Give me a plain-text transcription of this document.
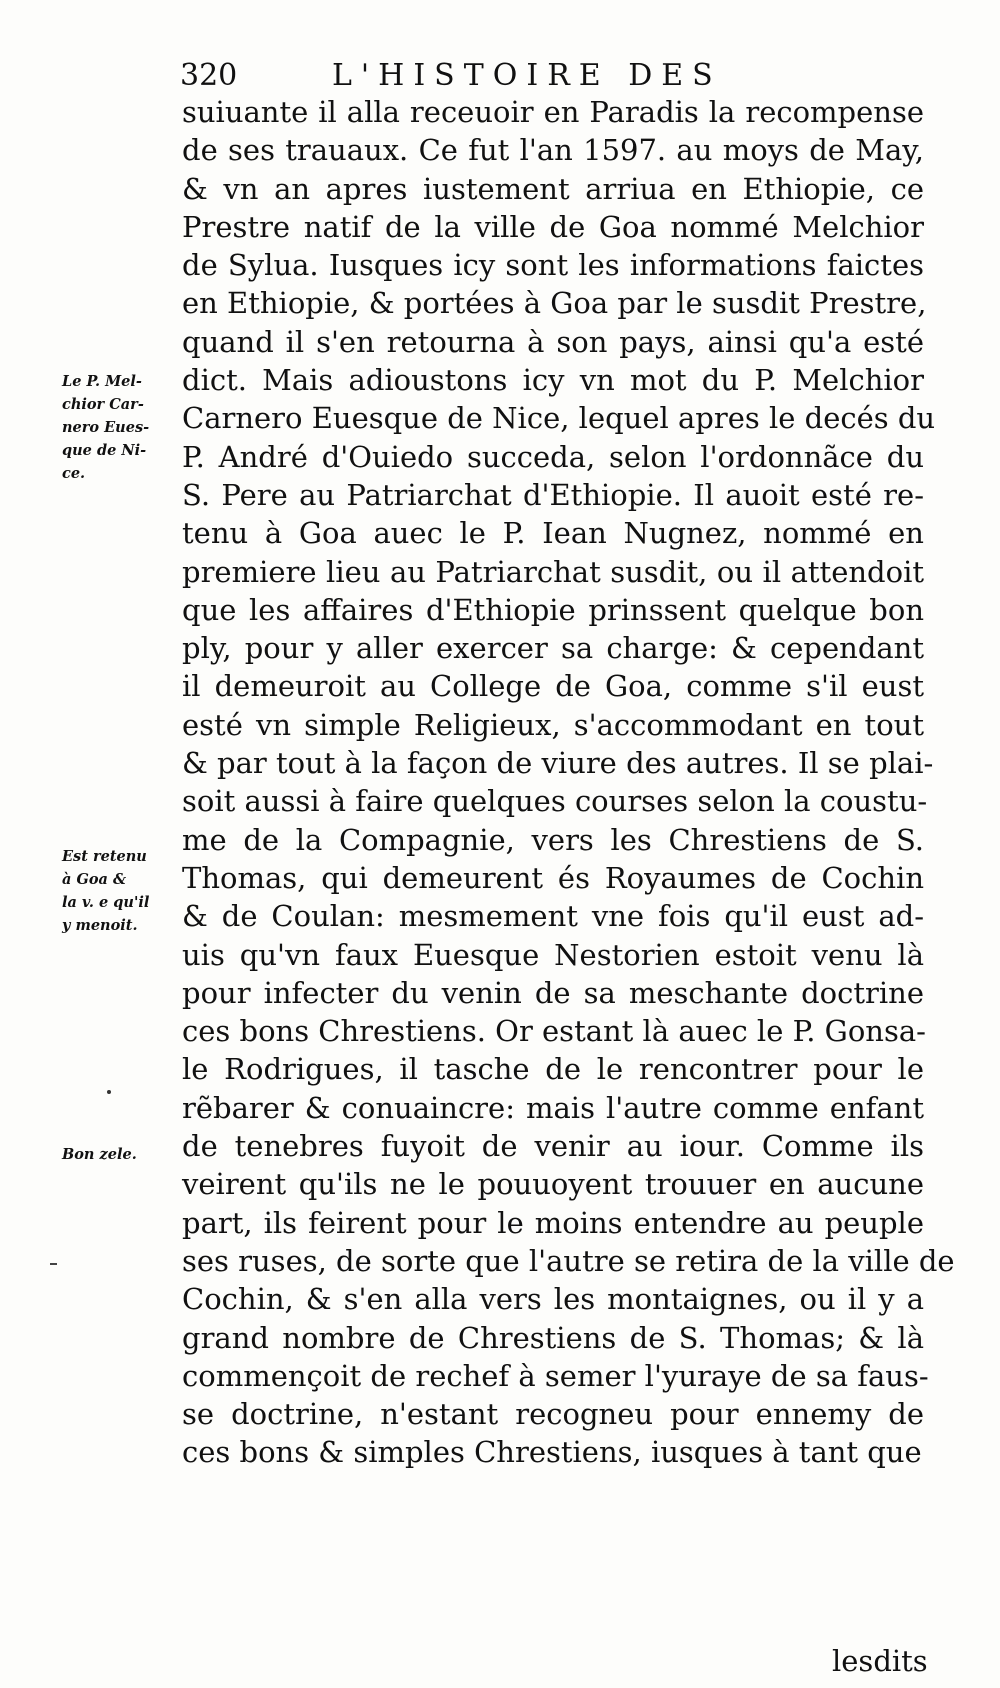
320	L'HISTOIRE DES
Le P. Mel-
chior Car-
nero Eues-
que de Ni-
ce.
Est retenu
à Goa &
la v. e qu'il
y menoit.
Bon zele.
suiuante il alla receuoir en Paradis la recompense
de ses trauaux. Ce fut l'an 1597. au moys de May,
& vn an apres iustement arriua en Ethiopie, ce
Prestre natif de la ville de Goa nommé Melchior
de Sylua. Iusques icy sont les informations faictes
en Ethiopie, & portées à Goa par le susdit Prestre,
quand il s'en retourna à son pays, ainsi qu'a esté
dict. Mais adioustons icy vn mot du P. Melchior
Carnero Euesque de Nice, lequel apres le decés du
P. André d'Ouiedo succeda, selon l'ordonnãce du
S. Pere au Patriarchat d'Ethiopie. Il auoit esté re-
tenu à Goa auec le P. Iean Nugnez, nommé en
premiere lieu au Patriarchat susdit, ou il attendoit
que les affaires d'Ethiopie prinssent quelque bon
ply, pour y aller exercer sa charge: & cependant
il demeuroit au College de Goa, comme s'il eust
esté vn simple Religieux, s'accommodant en tout
& par tout à la façon de viure des autres. Il se plai-
soit aussi à faire quelques courses selon la coustu-
me de la Compagnie, vers les Chrestiens de S.
Thomas, qui demeurent és Royaumes de Cochin
& de Coulan: mesmement vne fois qu'il eust ad-
uis qu'vn faux Euesque Nestorien estoit venu là
pour infecter du venin de sa meschante doctrine
ces bons Chrestiens. Or estant là auec le P. Gonsa-
le Rodrigues, il tasche de le rencontrer pour le
rẽbarer & conuaincre: mais l'autre comme enfant
de tenebres fuyoit de venir au iour. Comme ils
veirent qu'ils ne le pouuoyent trouuer en aucune
part, ils feirent pour le moins entendre au peuple
ses ruses, de sorte que l'autre se retira de la ville de
Cochin, & s'en alla vers les montaignes, ou il y a
grand nombre de Chrestiens de S. Thomas; & là
commençoit de rechef à semer l'yuraye de sa faus-
se doctrine, n'estant recogneu pour ennemy de
ces bons & simples Chrestiens, iusques à tant que
lesdits
